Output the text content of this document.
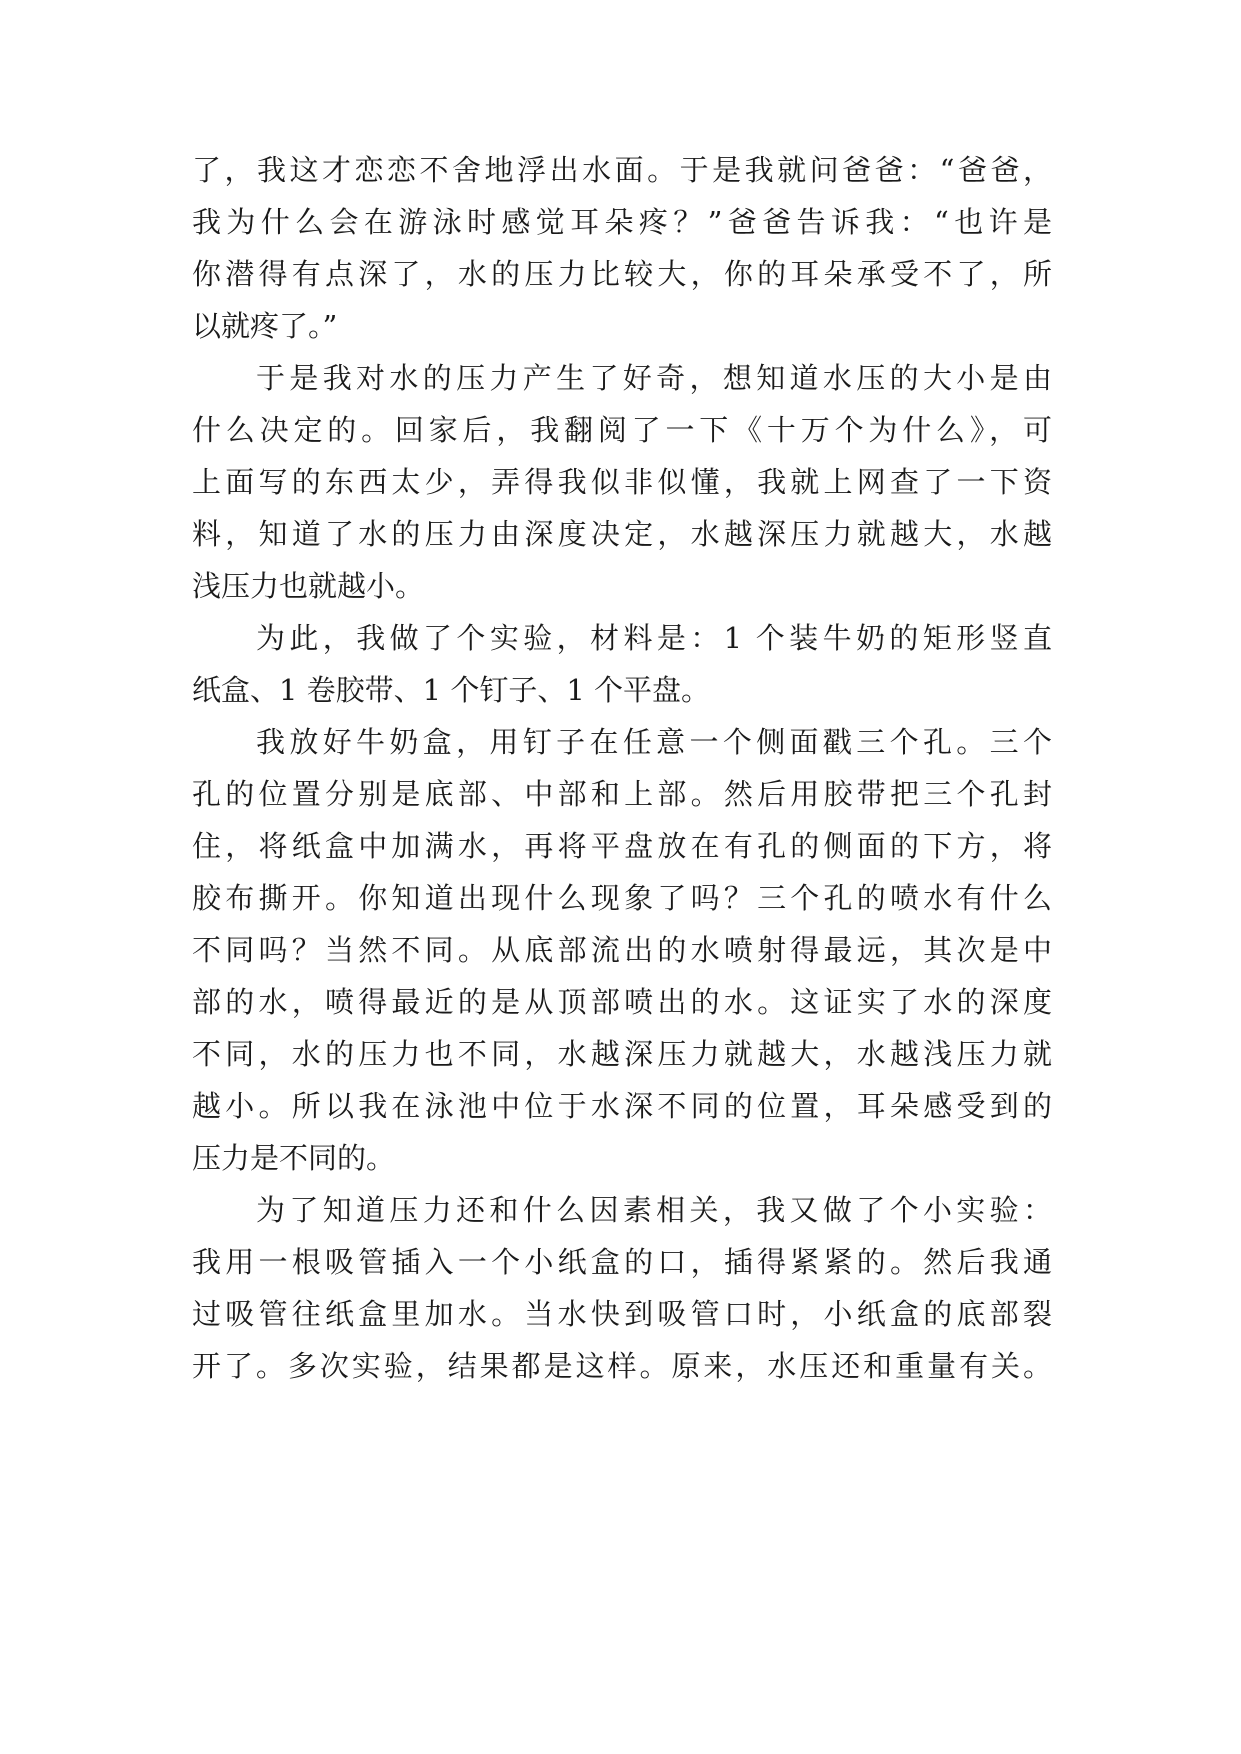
了，我这才恋恋不舍地浮出水面。于是我就问爸爸：“爸爸，
我为什么会在游泳时感觉耳朵疼？”爸爸告诉我：“也许是
你潜得有点深了，水的压力比较大，你的耳朵承受不了，所
以就疼了。”
于是我对水的压力产生了好奇，想知道水压的大小是由
什么决定的。回家后，我翻阅了一下《十万个为什么》，可
上面写的东西太少，弄得我似非似懂，我就上网查了一下资
料，知道了水的压力由深度决定，水越深压力就越大，水越
浅压力也就越小。
为此，我做了个实验，材料是：1 个装牛奶的矩形竖直
纸盒、1 卷胶带、1 个钉子、1 个平盘。
我放好牛奶盒，用钉子在任意一个侧面戳三个孔。三个
孔的位置分别是底部、中部和上部。然后用胶带把三个孔封
住，将纸盒中加满水，再将平盘放在有孔的侧面的下方，将
胶布撕开。你知道出现什么现象了吗？三个孔的喷水有什么
不同吗？当然不同。从底部流出的水喷射得最远，其次是中
部的水，喷得最近的是从顶部喷出的水。这证实了水的深度
不同，水的压力也不同，水越深压力就越大，水越浅压力就
越小。所以我在泳池中位于水深不同的位置，耳朵感受到的
压力是不同的。
为了知道压力还和什么因素相关，我又做了个小实验：
我用一根吸管插入一个小纸盒的口，插得紧紧的。然后我通
过吸管往纸盒里加水。当水快到吸管口时，小纸盒的底部裂
开了。多次实验，结果都是这样。原来，水压还和重量有关。
